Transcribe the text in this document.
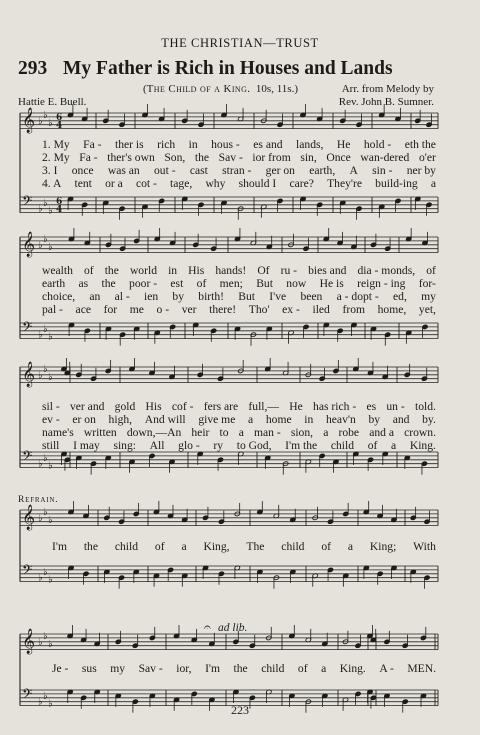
THE CHRISTIAN—TRUST
293 My Father is Rich in Houses and Lands
(The Child of a King. 10s, 11s.)	Arr. from Melody by
Hattie E. Buell.	Rev. John B. Sumner.
𝄞 ♭
♭
♭ 6
4
𝄢 ♭
♭
♭
6
4
𝄞 ♭
♭
♭
𝄢 ♭
♭
♭
𝄞 ♭
♭
♭
𝄢 ♭
♭
♭
𝄞 ♭
♭
♭
𝄢 ♭
♭
♭
𝄞 ♭
♭
♭
𝄐
𝄢 ♭
♭
♭
1. My Fa - ther is rich in hous - es and lands, He hold - eth the
2. My Fa - ther's own Son, the Sav - ior from sin, Once wan-dered o'er
3. I once was an out - cast stran - ger on earth, A sin - ner by
4. A tent or a cot - tage, why should I care? They're build-ing a
wealth of the world in His hands! Of ru - bies and dia - monds, of
earth as the poor - est of men; But now He is reign - ing for-
choice, an al - ien by birth! But I've been a - dopt - ed, my
pal - ace for me o - ver there! Tho' ex - iled from home, yet,
sil - ver and gold His cof - fers are full,— He has rich - es un - told.
ev - er on high, And will give me a home in heav'n by and by.
name's written down,—An heir to a man - sion, a robe and a crown.
still I may sing: All glo - ry to God, I'm the child of a King.
I'm the child of a King, The child of a King; With
Je - sus my Sav - ior, I'm the child of a King. A - MEN.
Refrain.
ad lib.
223
